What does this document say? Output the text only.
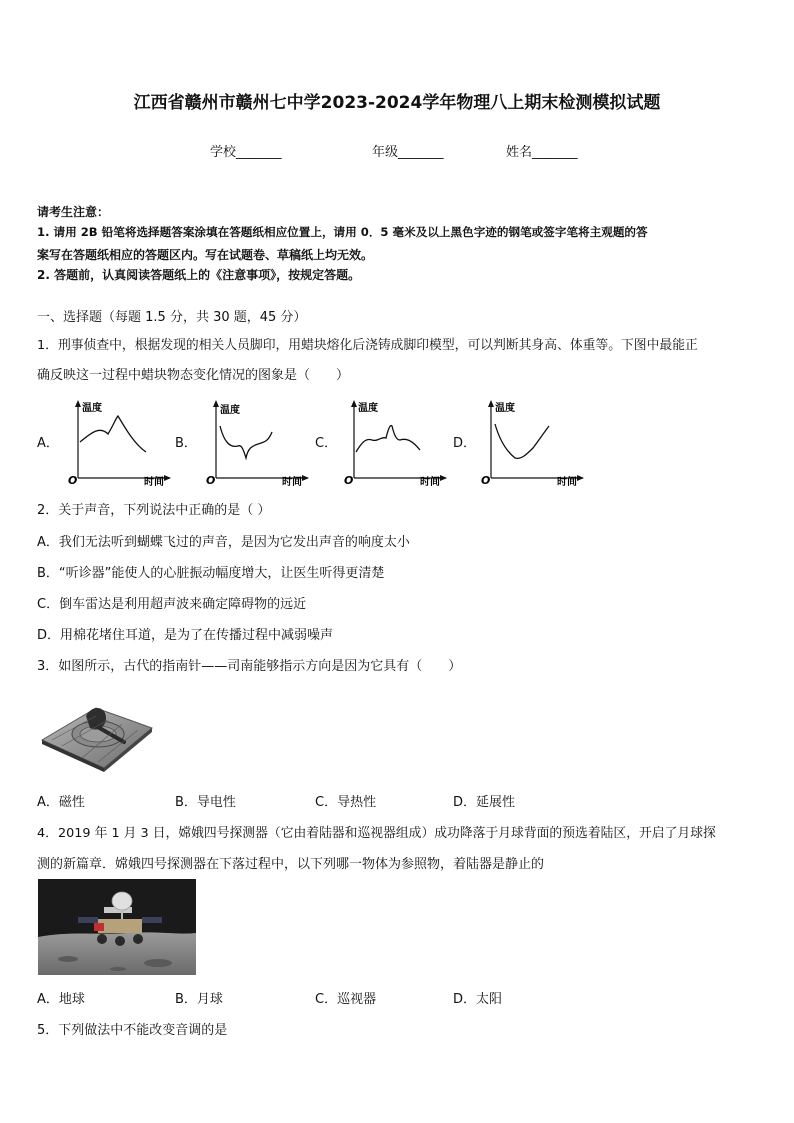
江西省赣州市赣州七中学2023-2024学年物理八上期末检测模拟试题
学校_______	年级_______	姓名_______
请考生注意：
1. 请用 2B 铅笔将选择题答案涂填在答题纸相应位置上，请用 0．5 毫米及以上黑色字迹的钢笔或签字笔将主观题的答
案写在答题纸相应的答题区内。写在试题卷、草稿纸上均无效。
2. 答题前，认真阅读答题纸上的《注意事项》，按规定答题。
一、选择题（每题 1.5 分，共 30 题，45 分）
1．刑事侦查中，根据发现的相关人员脚印，用蜡块熔化后浇铸成脚印模型，可以判断其身高、体重等。下图中最能正
确反映这一过程中蜡块物态变化情况的图象是（　　）
A．
温度
时间
O
B．
温度
时间
O
C．
温度
时间
O
D．
温度
时间
O
2．关于声音，下列说法中正确的是（ ）
A．我们无法听到蝴蝶飞过的声音，是因为它发出声音的响度太小
B．“听诊器”能使人的心脏振动幅度增大，让医生听得更清楚
C．倒车雷达是利用超声波来确定障碍物的远近
D．用棉花堵住耳道，是为了在传播过程中减弱噪声
3．如图所示，古代的指南针——司南能够指示方向是因为它具有（　　）
A．磁性	B．导电性	C．导热性	D．延展性
4．2019 年 1 月 3 日，嫦娥四号探测器（它由着陆器和巡视器组成）成功降落于月球背面的预选着陆区，开启了月球探
测的新篇章．嫦娥四号探测器在下落过程中，以下列哪一物体为参照物，着陆器是静止的
A．地球	B．月球	C．巡视器	D．太阳
5．下列做法中不能改变音调的是
